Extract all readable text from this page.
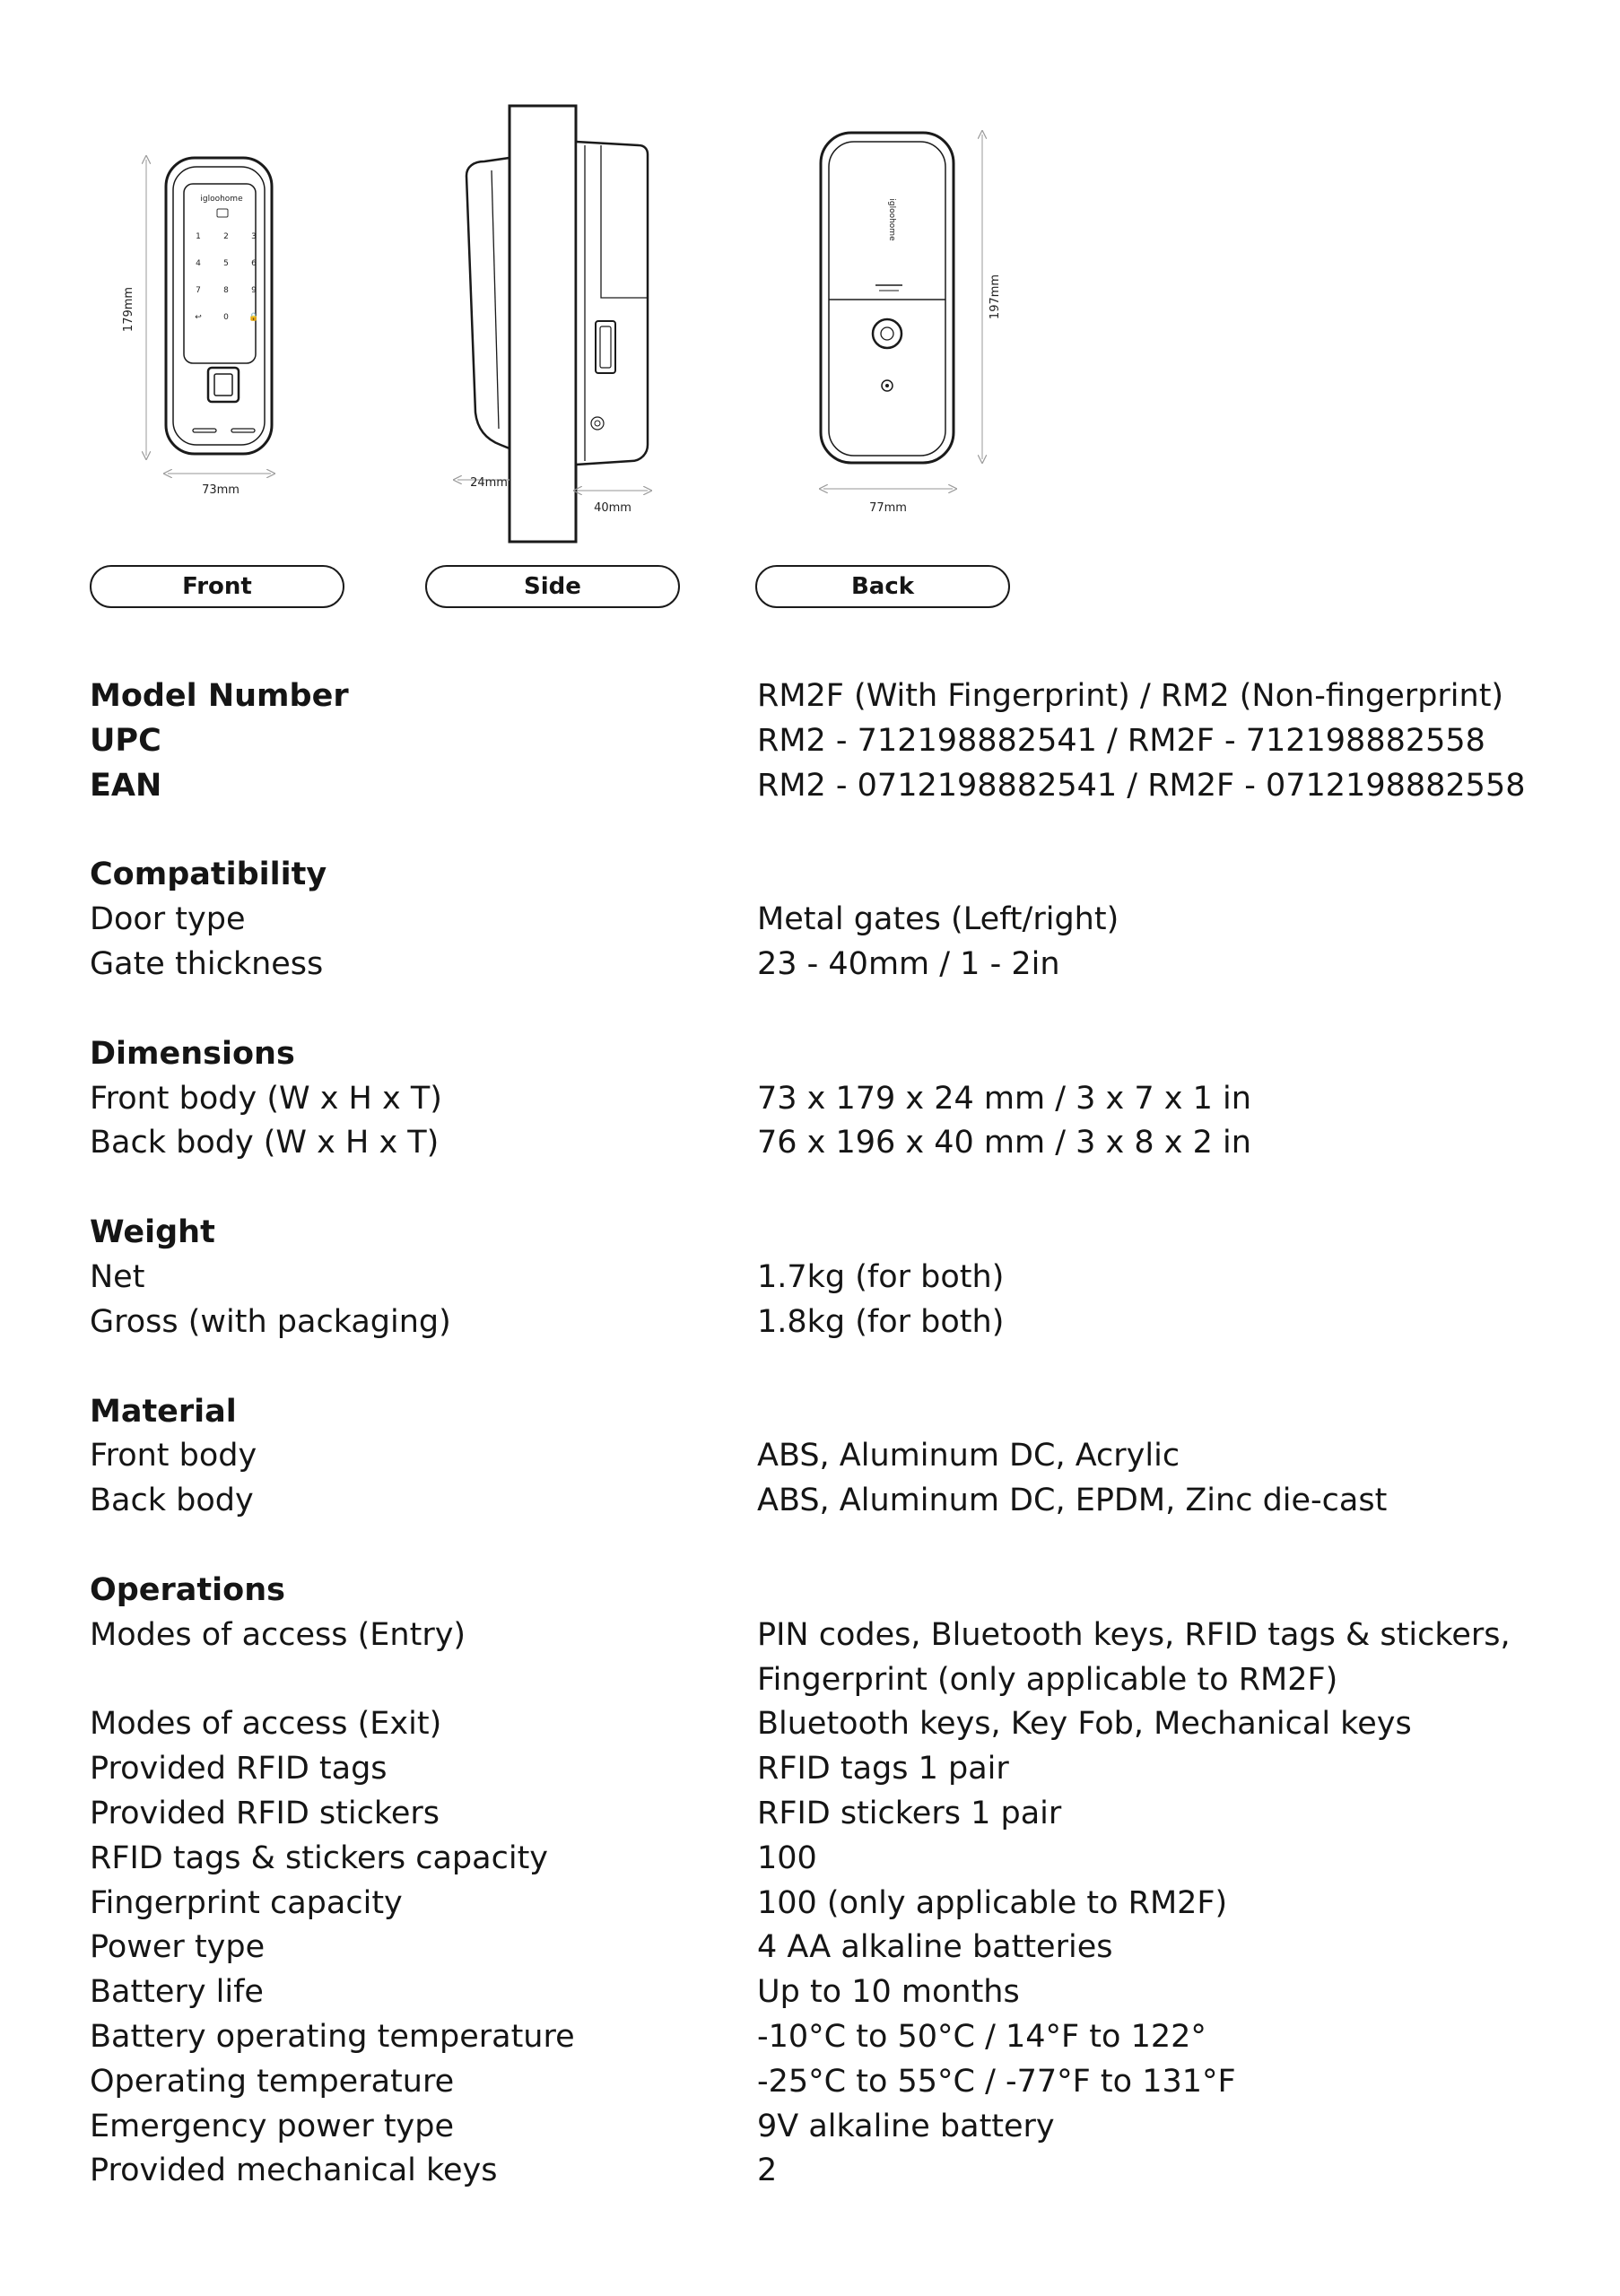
179mm
igloohome
1	2	3
4	5	6
7	8	9
↩	0	🔒
73mm
24mm
40mm
igloohome
197mm
77mm
Front	Side	Back
Model Number	RM2F (With Fingerprint) / RM2 (Non-fingerprint)
UPC	RM2 - 712198882541 / RM2F - 712198882558
EAN	RM2 - 0712198882541 / RM2F - 0712198882558
Compatibility
Door type	Metal gates (Left/right)
Gate thickness	23 - 40mm / 1 - 2in
Dimensions
Front body (W x H x T)	73 x 179 x 24 mm / 3 x 7 x 1 in
Back body (W x H x T)	76 x 196 x 40 mm / 3 x 8 x 2 in
Weight
Net	1.7kg (for both)
Gross (with packaging)	1.8kg (for both)
Material
Front body	ABS, Aluminum DC, Acrylic
Back body	ABS, Aluminum DC, EPDM, Zinc die-cast
Operations
Modes of access (Entry)	PIN codes, Bluetooth keys, RFID tags & stickers,
Fingerprint (only applicable to RM2F)
Modes of access (Exit)	Bluetooth keys, Key Fob, Mechanical keys
Provided RFID tags	RFID tags 1 pair
Provided RFID stickers	RFID stickers 1 pair
RFID tags & stickers capacity	100
Fingerprint capacity	100 (only applicable to RM2F)
Power type	4 AA alkaline batteries
Battery life	Up to 10 months
Battery operating temperature	-10°C to 50°C / 14°F to 122°
Operating temperature	-25°C to 55°C / -77°F to 131°F
Emergency power type	9V alkaline battery
Provided mechanical keys	2
